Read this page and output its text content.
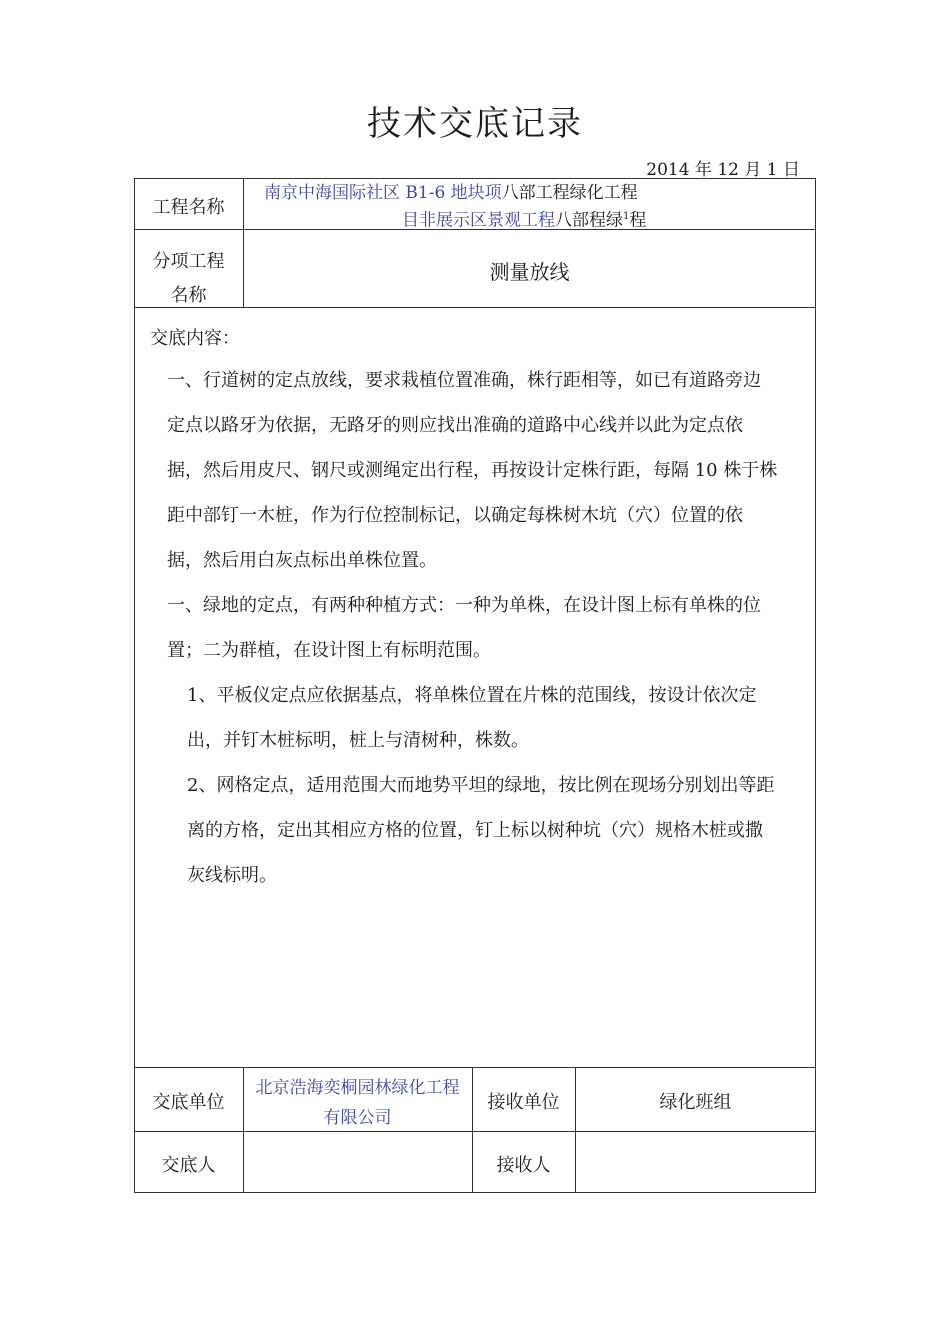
技术交底记录
2014 年 12 月 1 日
工程名称
南京中海国际社区 B1-6 地块项八部工程绿化工程
目非展示区景观工程八部程绿$^1$程
分项工程
名称
测量放线
交底内容：
一、行道树的定点放线，要求栽植位置准确，株行距相等，如已有道路旁边
定点以路牙为依据，无路牙的则应找出准确的道路中心线并以此为定点依
据，然后用皮尺、钢尺或测绳定出行程，再按设计定株行距，每隔 10 株于株
距中部钉一木桩，作为行位控制标记，以确定每株树木坑（穴）位置的依
据，然后用白灰点标出单株位置。
一、绿地的定点，有两种种植方式：一种为单株，在设计图上标有单株的位
置；二为群植，在设计图上有标明范围。
1、平板仪定点应依据基点，将单株位置在片株的范围线，按设计依次定
出，并钉木桩标明，桩上与清树种，株数。
2、网格定点，适用范围大而地势平坦的绿地，按比例在现场分别划出等距
离的方格，定出其相应方格的位置，钉上标以树种坑（穴）规格木桩或撒
灰线标明。
交底单位
北京浩海奕桐园林绿化工程
有限公司
接收单位	绿化班组
交底人	接收人
